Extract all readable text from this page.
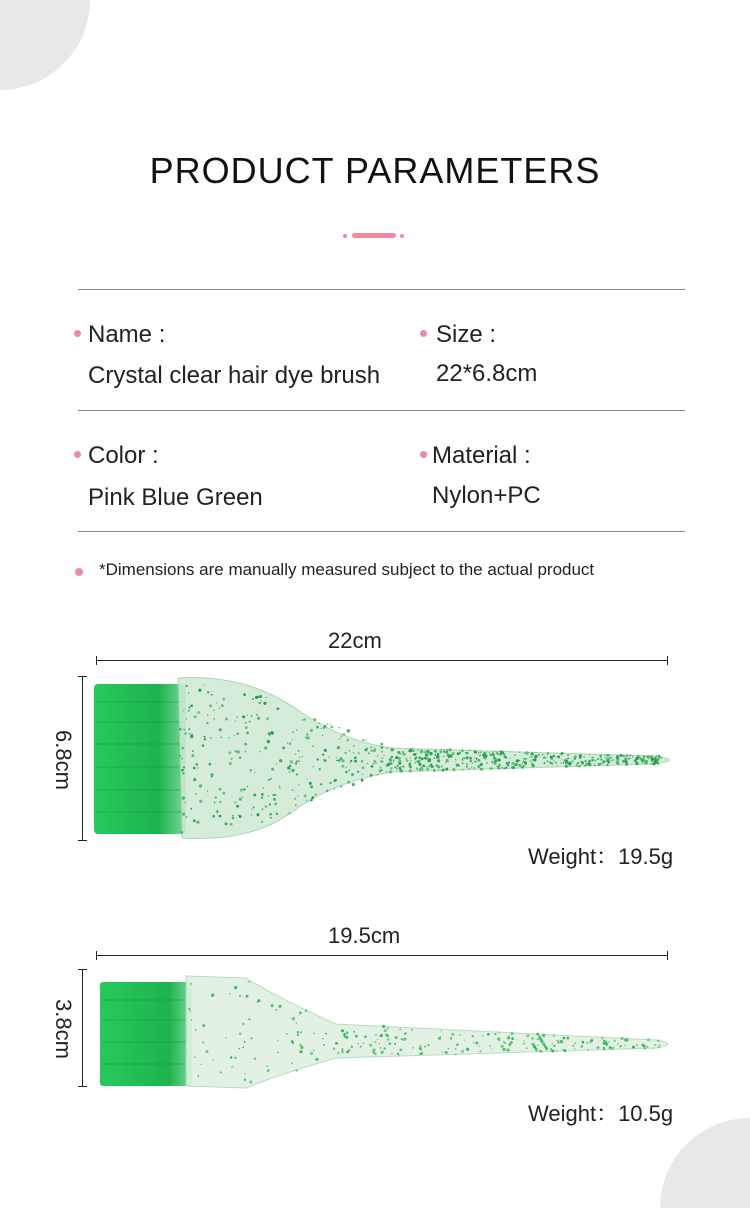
PRODUCT PARAMETERS
Name :
Crystal clear hair dye brush
Size :
22*6.8cm
Color :
Pink Blue Green
Material :
Nylon+PC
*Dimensions are manually measured subject to the actual product
22cm
6.8cm
Weight：19.5g
19.5cm
3.8cm
Weight：10.5g
